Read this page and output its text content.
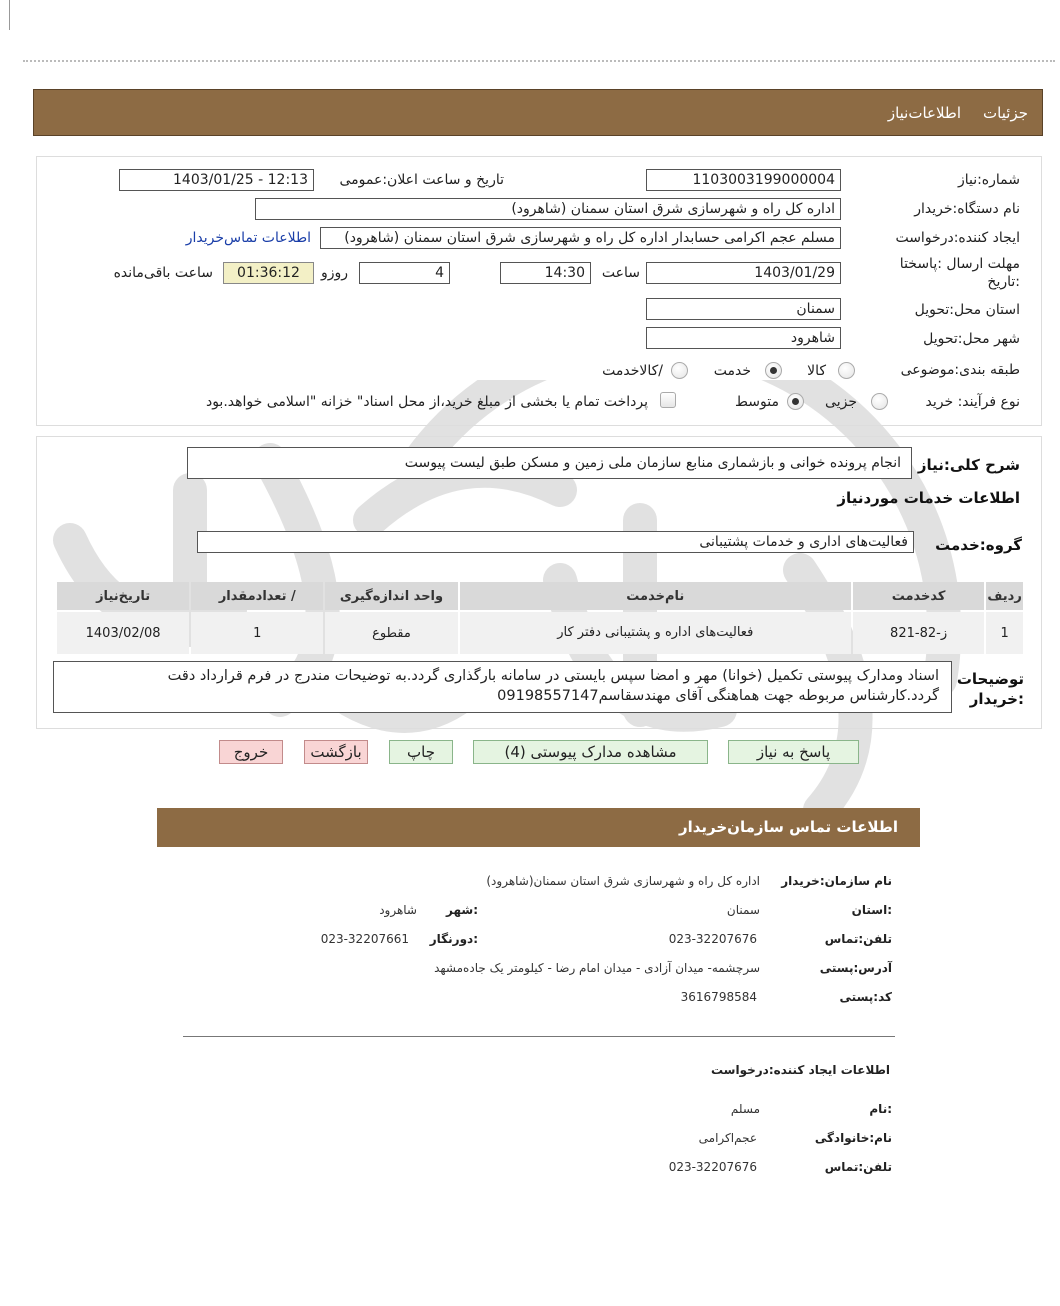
جزئیات
اطلاعات‌نیاز
شماره:نیاز
1103003199000004
تاریخ و ساعت اعلان:عمومی
1403/01/25 - 12:13
نام دستگاه:خریدار
اداره کل راه و شهرسازی شرق استان سمنان (شاهرود)
ایجاد کننده:درخواست
مسلم عجم اکرامی حسابدار اداره کل راه و شهرسازی شرق استان سمنان (شاهرود)
اطلاعات تماس‌خریدار
مهلت ارسال :پاسختا
:تاریخ
1403/01/29
ساعت
14:30
4
روزو
01:36:12
ساعت باقی‌مانده
استان محل:تحویل
سمنان
شهر محل:تحویل
شاهرود
طبقه بندی:موضوعی
کالا
خدمت
/کالاخدمت
نوع فرآیند: خرید
جزیی
متوسط
پرداخت تمام یا بخشی از مبلغ خرید،از محل اسناد" خزانه "اسلامی خواهد.بود
شرح کلی:نیاز
انجام پرونده خوانی و بازشماری منابع سازمان ملی زمین و مسکن طبق لیست پیوست
اطلاعات خدمات موردنیاز
گروه:خدمت
فعالیت‌های اداری و خدمات پشتیبانی
ردیف	کدخدمت	نام‌خدمت	واحد اندازه‌گیری	/ تعدادمقدار	تاریخ‌نیاز
1	ز-82-821	فعالیت‌های اداره و پشتیبانی دفتر کار	مقطوع	1	1403/02/08
توضیحات
:خریدار
اسناد ومدارک پیوستی تکمیل (خوانا) مهر و امضا سپس بایستی در سامانه بارگذاری گردد.به توضیحات مندرج در فرم قرارداد دقت گردد.کارشناس مربوطه جهت هماهنگی آقای مهندسقاسم09198557147
پاسخ به نیاز
مشاهده مدارک پیوستی (4)
چاپ
بازگشت
خروج
اطلاعات تماس سازمان‌خریدار
نام سازمان:خریدار
اداره کل راه و شهرسازی شرق استان سمنان(شاهرود)
:استان
سمنان
:شهر
شاهرود
تلفن:تماس
023-32207676
:دورنگار
023-32207661
آدرس:پستی
سرچشمه- میدان آزادی - میدان امام رضا - کیلومتر یک جاده‌مشهد
کد:پستی
3616798584
اطلاعات ایجاد کننده:درخواست
:نام
مسلم
نام:خانوادگی
عجم‌اکرامی
تلفن:تماس
023-32207676
